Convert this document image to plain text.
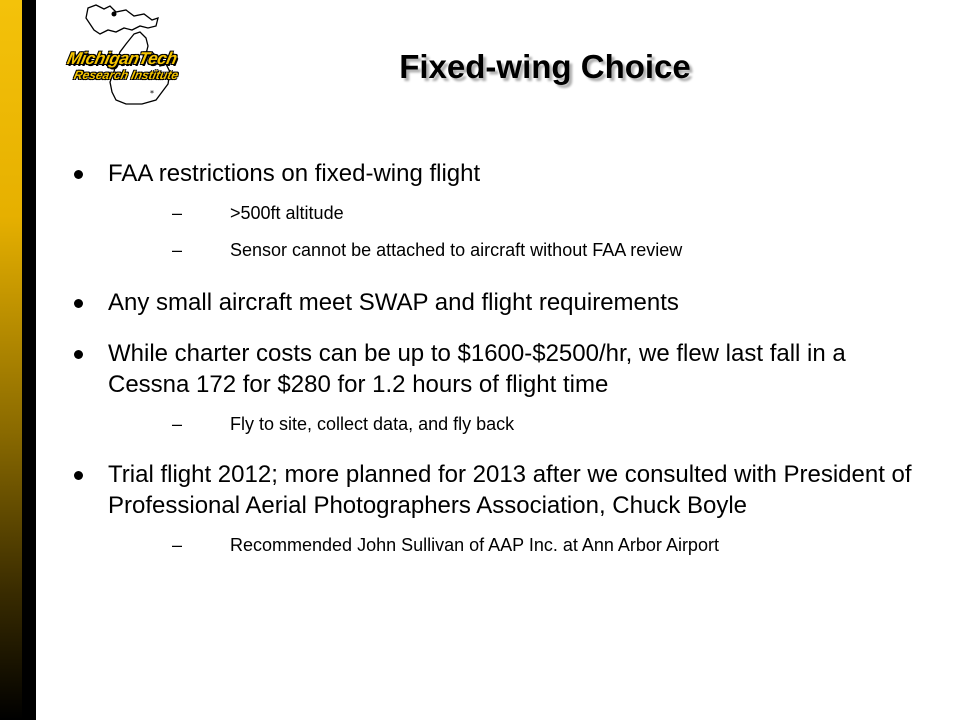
*
MichiganTech
Research Institute	Fixed-wing Choice
FAA restrictions on fixed-wing flight
–	>500ft altitude
–	Sensor cannot be attached to aircraft without FAA review
Any small aircraft meet SWAP and flight requirements
While charter costs can be up to $1600-$2500/hr, we flew last fall in a Cessna 172 for $280 for 1.2 hours of flight time
–	Fly to site, collect data, and fly back
Trial flight 2012; more planned for 2013 after we consulted with President of Professional Aerial Photographers Association, Chuck Boyle
–	Recommended John Sullivan of AAP Inc. at Ann Arbor Airport
